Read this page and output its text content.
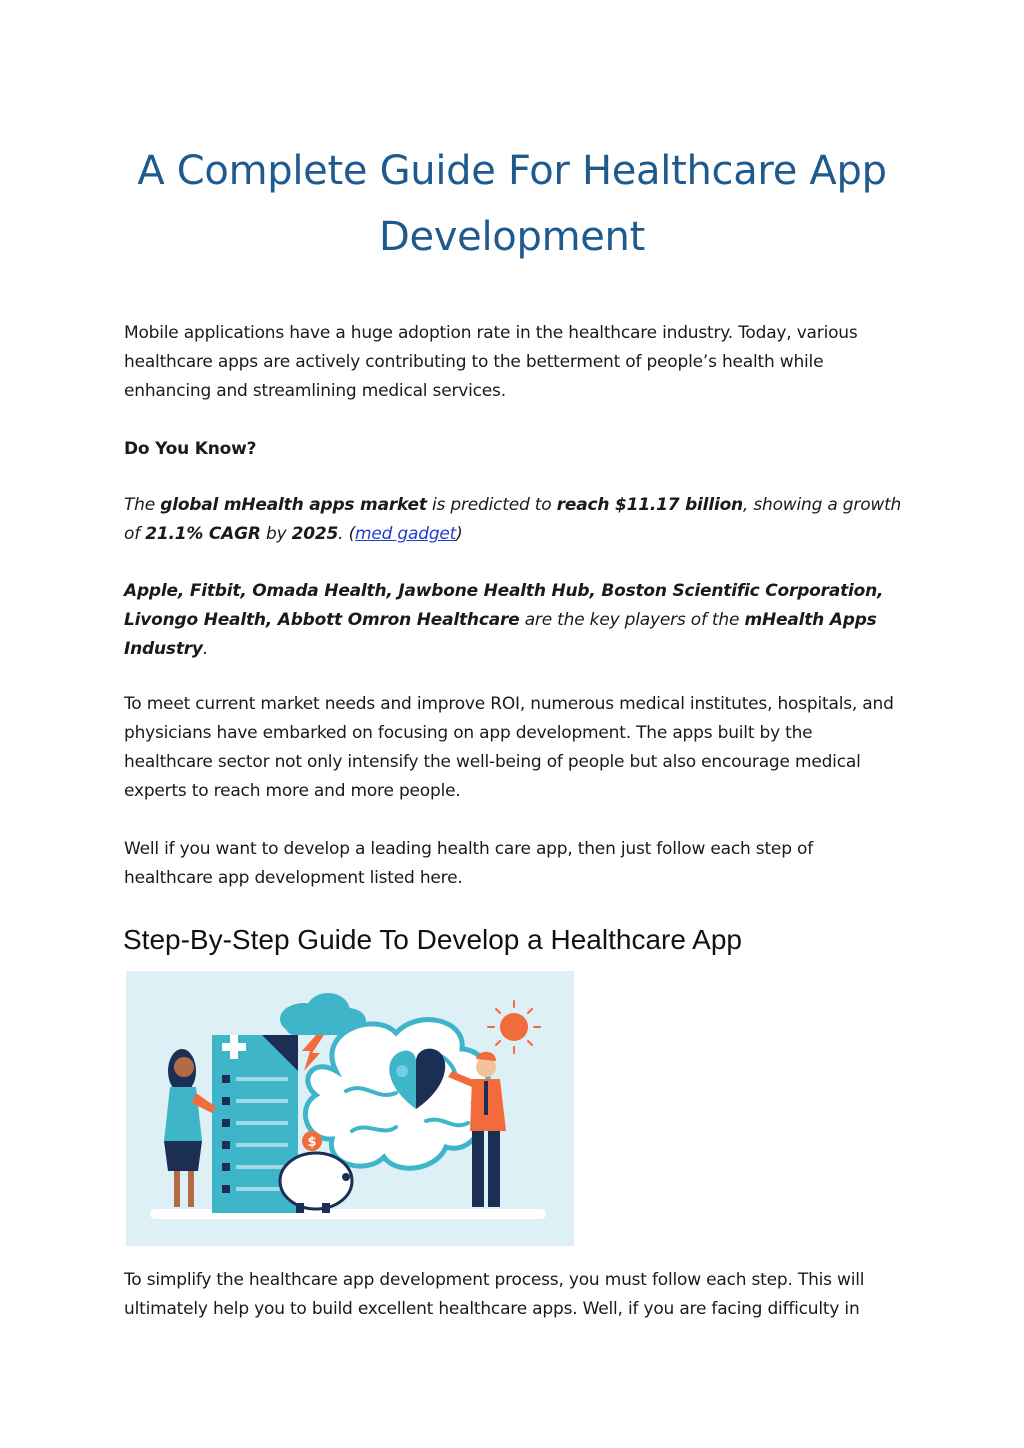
A Complete Guide For Healthcare App Development

Mobile applications have a huge adoption rate in the healthcare industry. Today, various healthcare apps are actively contributing to the betterment of people’s health while enhancing and streamlining medical services.

Do You Know?

The global mHealth apps market is predicted to reach $11.17 billion, showing a growth of 21.1% CAGR by 2025. (med gadget)

Apple, Fitbit, Omada Health, Jawbone Health Hub, Boston Scientific Corporation, Livongo Health, Abbott Omron Healthcare are the key players of the mHealth Apps Industry.

To meet current market needs and improve ROI, numerous medical institutes, hospitals, and physicians have embarked on focusing on app development. The apps built by the healthcare sector not only intensify the well-being of people but also encourage medical experts to reach more and more people.

Well if you want to develop a leading health care app, then just follow each step of healthcare app development listed here.

Step-By-Step Guide To Develop a Healthcare App
$

To simplify the healthcare app development process, you must follow each step. This will ultimately help you to build excellent healthcare apps. Well, if you are facing difficulty in
